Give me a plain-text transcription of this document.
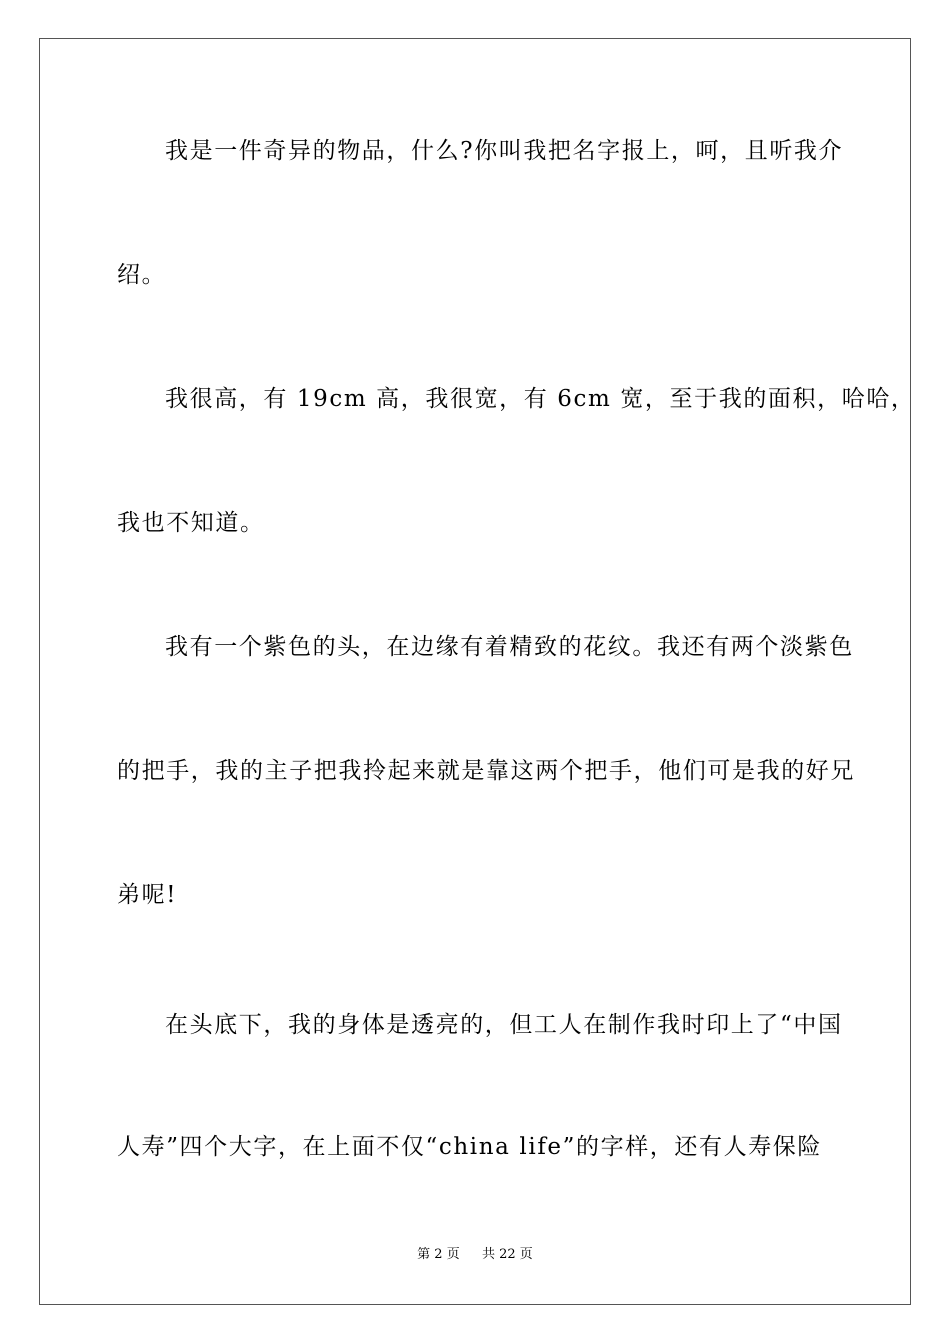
我是一件奇异的物品，什么?你叫我把名字报上，呵，且听我介
绍。
我很高，有 19cm 高，我很宽，有 6cm 宽，至于我的面积，哈哈，
我也不知道。
我有一个紫色的头，在边缘有着精致的花纹。我还有两个淡紫色
的把手，我的主子把我拎起来就是靠这两个把手，他们可是我的好兄
弟呢!
在头底下，我的身体是透亮的，但工人在制作我时印上了“中国
人寿”四个大字，在上面不仅“china life”的字样，还有人寿保险
第 2 页 共 22 页
